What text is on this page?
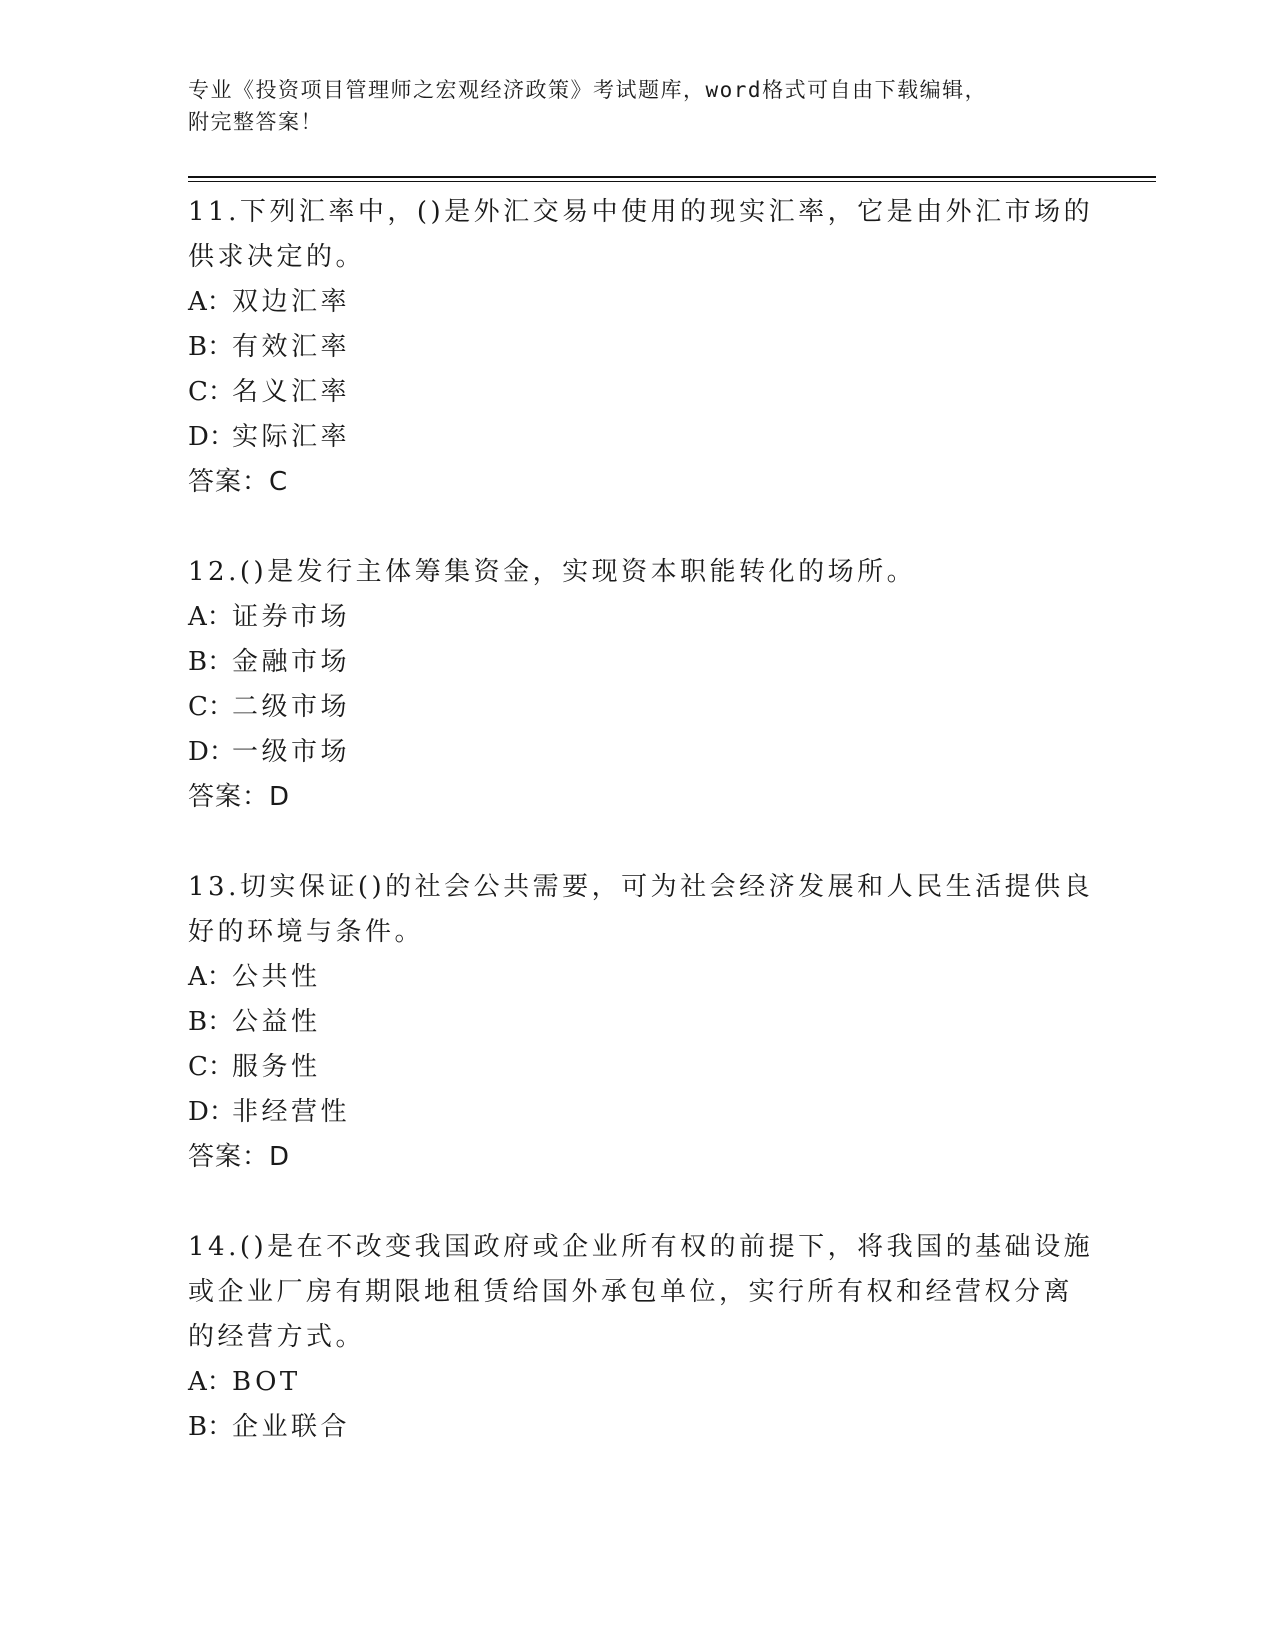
专业《投资项目管理师之宏观经济政策》考试题库，word格式可自由下载编辑，
附完整答案！
11.下列汇率中，()是外汇交易中使用的现实汇率，它是由外汇市场的
供求决定的。
A：双边汇率
B：有效汇率
C：名义汇率
D：实际汇率
答案：C
12.()是发行主体筹集资金，实现资本职能转化的场所。
A：证券市场
B：金融市场
C：二级市场
D：一级市场
答案：D
13.切实保证()的社会公共需要，可为社会经济发展和人民生活提供良
好的环境与条件。
A：公共性
B：公益性
C：服务性
D：非经营性
答案：D
14.()是在不改变我国政府或企业所有权的前提下，将我国的基础设施
或企业厂房有期限地租赁给国外承包单位，实行所有权和经营权分离
的经营方式。
A：BOT
B：企业联合
